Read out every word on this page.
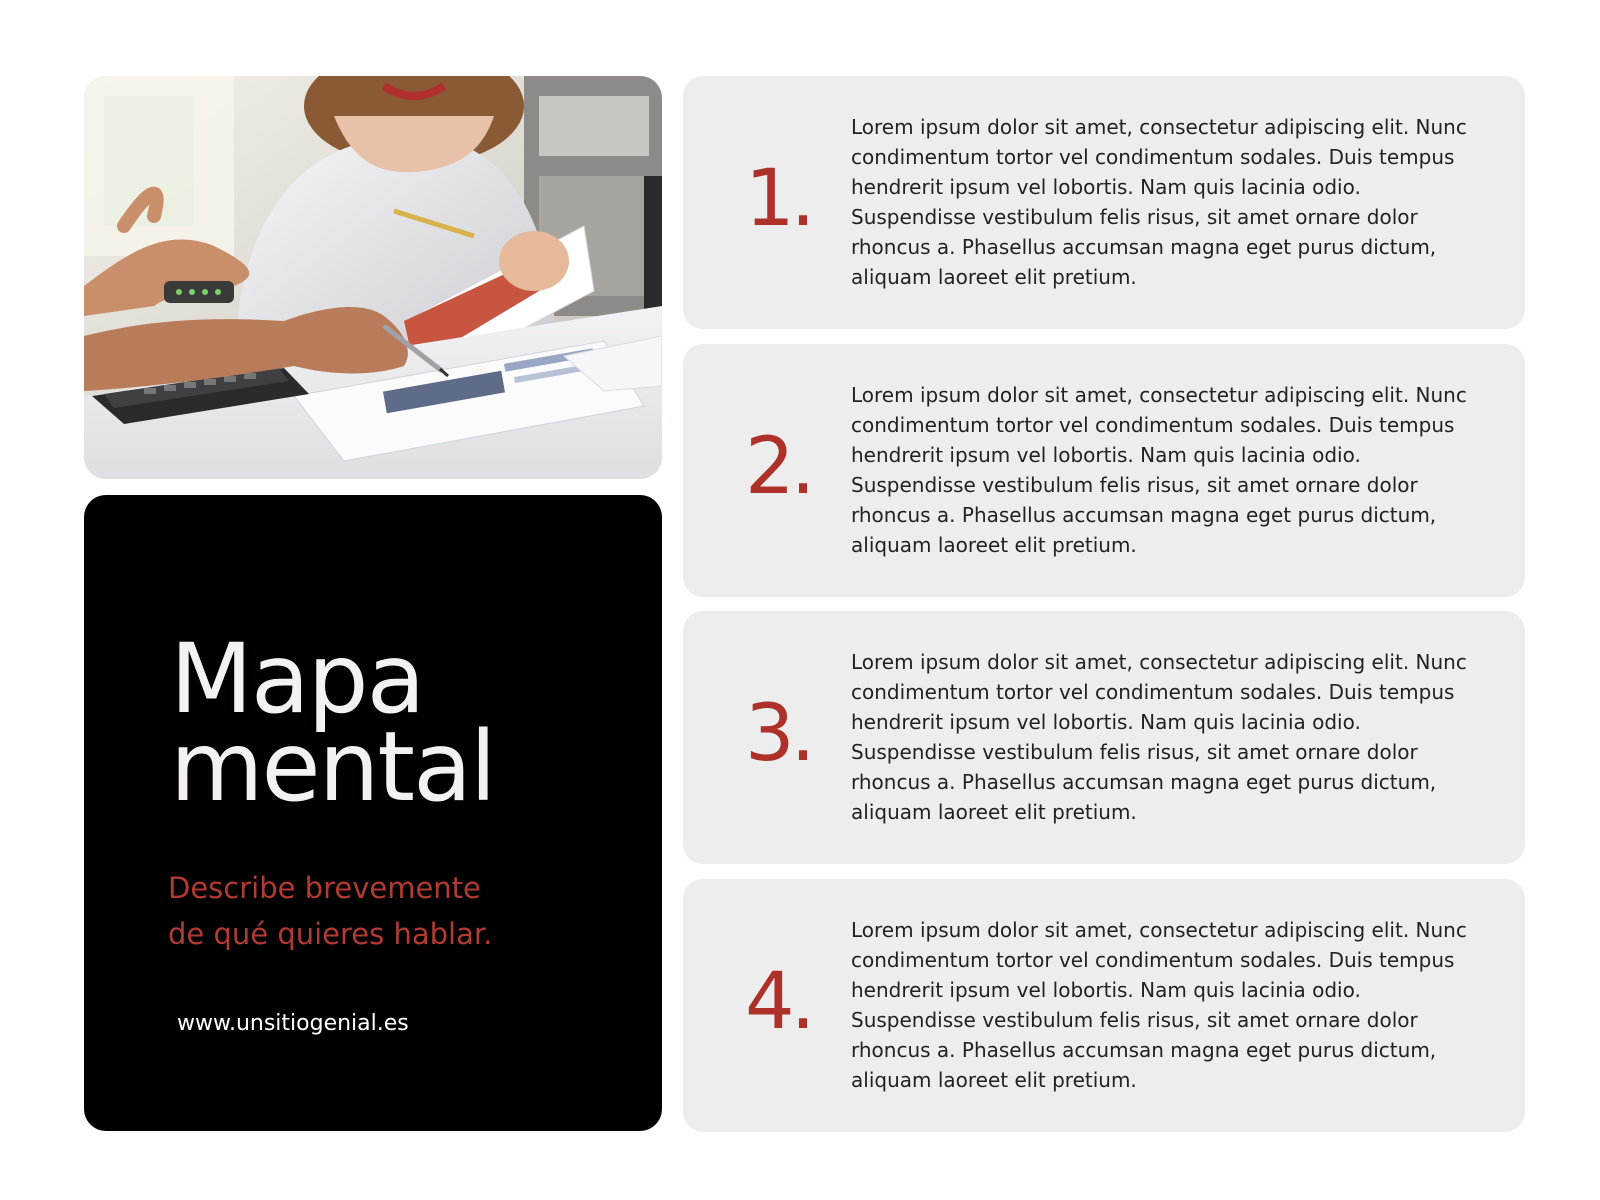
Mapa
mental

Describe brevemente
de qué quieres hablar.

www.unsitiogenial.es

1.

Lorem ipsum dolor sit amet, consectetur adipiscing elit. Nunc condimentum tortor vel condimentum sodales. Duis tempus hendrerit ipsum vel lobortis. Nam quis lacinia odio. Suspendisse vestibulum felis risus, sit amet ornare dolor rhoncus a. Phasellus accumsan magna eget purus dictum, aliquam laoreet elit pretium.

2.

Lorem ipsum dolor sit amet, consectetur adipiscing elit. Nunc condimentum tortor vel condimentum sodales. Duis tempus hendrerit ipsum vel lobortis. Nam quis lacinia odio. Suspendisse vestibulum felis risus, sit amet ornare dolor rhoncus a. Phasellus accumsan magna eget purus dictum, aliquam laoreet elit pretium.

3.

Lorem ipsum dolor sit amet, consectetur adipiscing elit. Nunc condimentum tortor vel condimentum sodales. Duis tempus hendrerit ipsum vel lobortis. Nam quis lacinia odio. Suspendisse vestibulum felis risus, sit amet ornare dolor rhoncus a. Phasellus accumsan magna eget purus dictum, aliquam laoreet elit pretium.

4.

Lorem ipsum dolor sit amet, consectetur adipiscing elit. Nunc condimentum tortor vel condimentum sodales. Duis tempus hendrerit ipsum vel lobortis. Nam quis lacinia odio. Suspendisse vestibulum felis risus, sit amet ornare dolor rhoncus a. Phasellus accumsan magna eget purus dictum, aliquam laoreet elit pretium.
